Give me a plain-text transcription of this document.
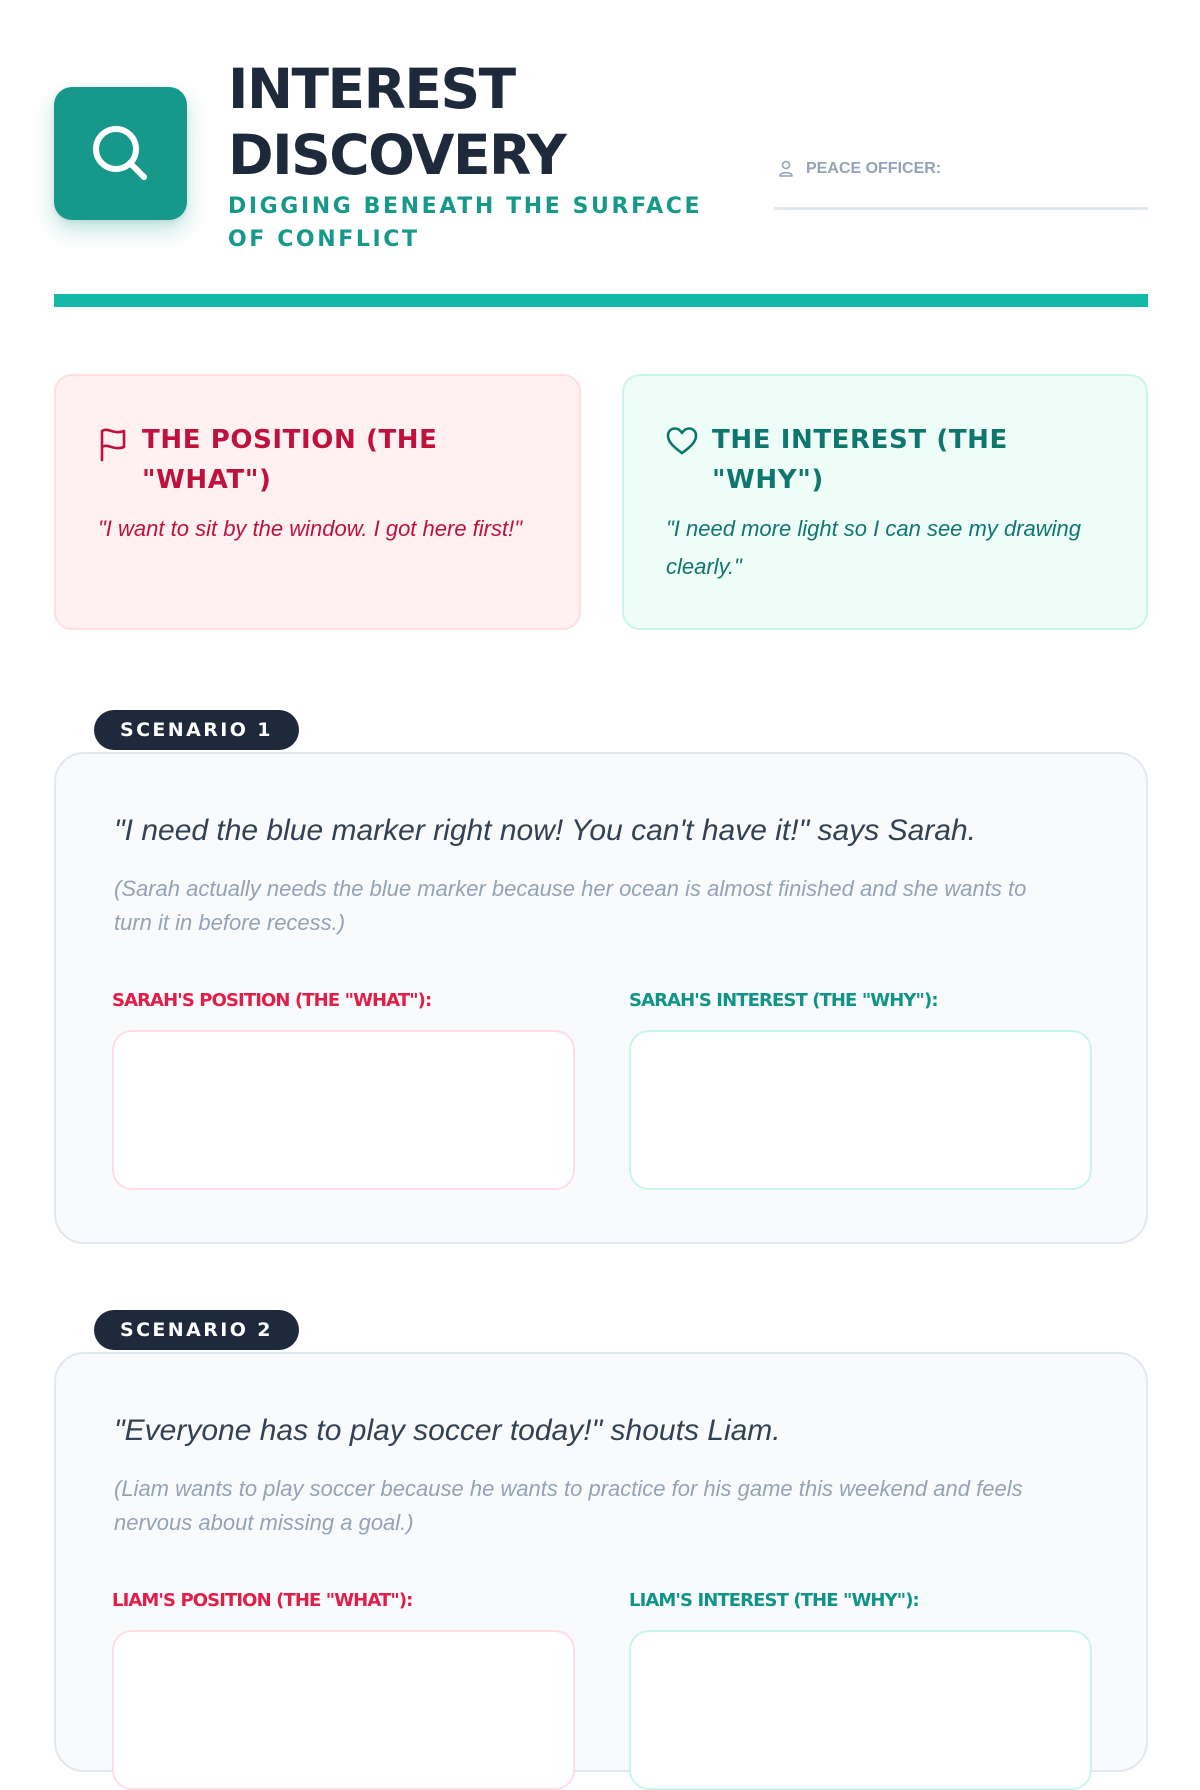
INTEREST
DISCOVERY
DIGGING BENEATH THE SURFACE OF CONFLICT
PEACE OFFICER:
THE POSITION (THE "WHAT")
"I want to sit by the window. I got here first!"
THE INTEREST (THE "WHY")
"I need more light so I can see my drawing clearly."
SCENARIO 1
"I need the blue marker right now! You can't have it!" says Sarah.
(Sarah actually needs the blue marker because her ocean is almost finished and she wants to turn it in before recess.)
SARAH'S POSITION (THE "WHAT"):	SARAH'S INTEREST (THE "WHY"):
SCENARIO 2
"Everyone has to play soccer today!" shouts Liam.
(Liam wants to play soccer because he wants to practice for his game this weekend and feels nervous about missing a goal.)
LIAM'S POSITION (THE "WHAT"):	LIAM'S INTEREST (THE "WHY"):
